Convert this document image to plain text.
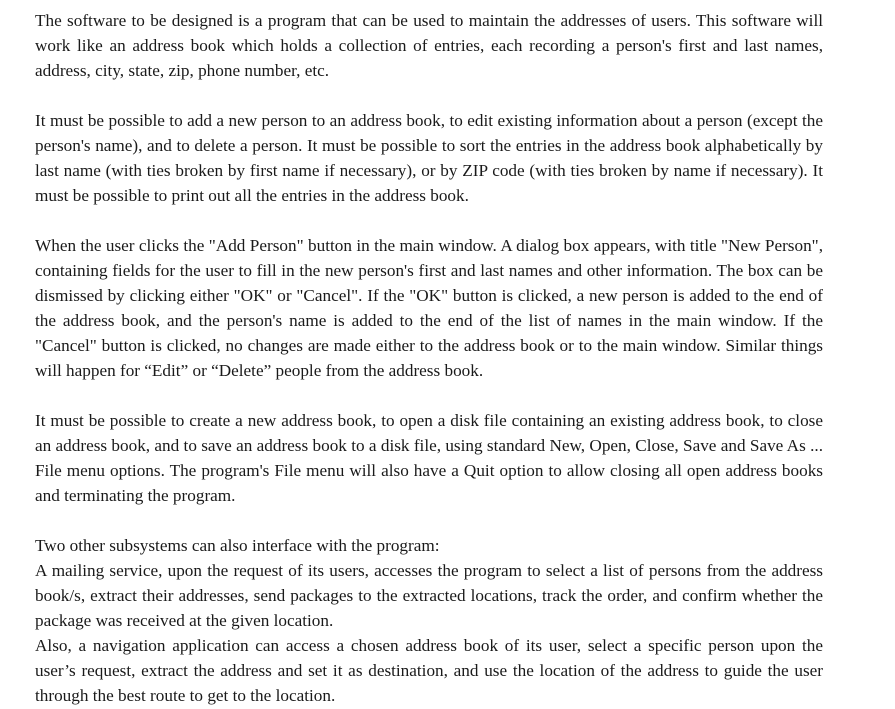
The software to be designed is a program that can be used to maintain the addresses of users. This software will work like an address book which holds a collection of entries, each recording a person's first and last names, address, city, state, zip, phone number, etc.

It must be possible to add a new person to an address book, to edit existing information about a person (except the person's name), and to delete a person. It must be possible to sort the entries in the address book alphabetically by last name (with ties broken by first name if necessary), or by ZIP code (with ties broken by name if necessary). It must be possible to print out all the entries in the address book.

When the user clicks the "Add Person" button in the main window. A dialog box appears, with title "New Person", containing fields for the user to fill in the new person's first and last names and other information. The box can be dismissed by clicking either "OK" or "Cancel". If the "OK" button is clicked, a new person is added to the end of the address book, and the person's name is added to the end of the list of names in the main window. If the "Cancel" button is clicked, no changes are made either to the address book or to the main window. Similar things will happen for “Edit” or “Delete” people from the address book.

It must be possible to create a new address book, to open a disk file containing an existing address book, to close an address book, and to save an address book to a disk file, using standard New, Open, Close, Save and Save As ... File menu options. The program's File menu will also have a Quit option to allow closing all open address books and terminating the program.

Two other subsystems can also interface with the program:

A mailing service, upon the request of its users, accesses the program to select a list of persons from the address book/s, extract their addresses, send packages to the extracted locations, track the order, and confirm whether the package was received at the given location.

Also, a navigation application can access a chosen address book of its user, select a specific person upon the user’s request, extract the address and set it as destination, and use the location of the address to guide the user through the best route to get to the location.
